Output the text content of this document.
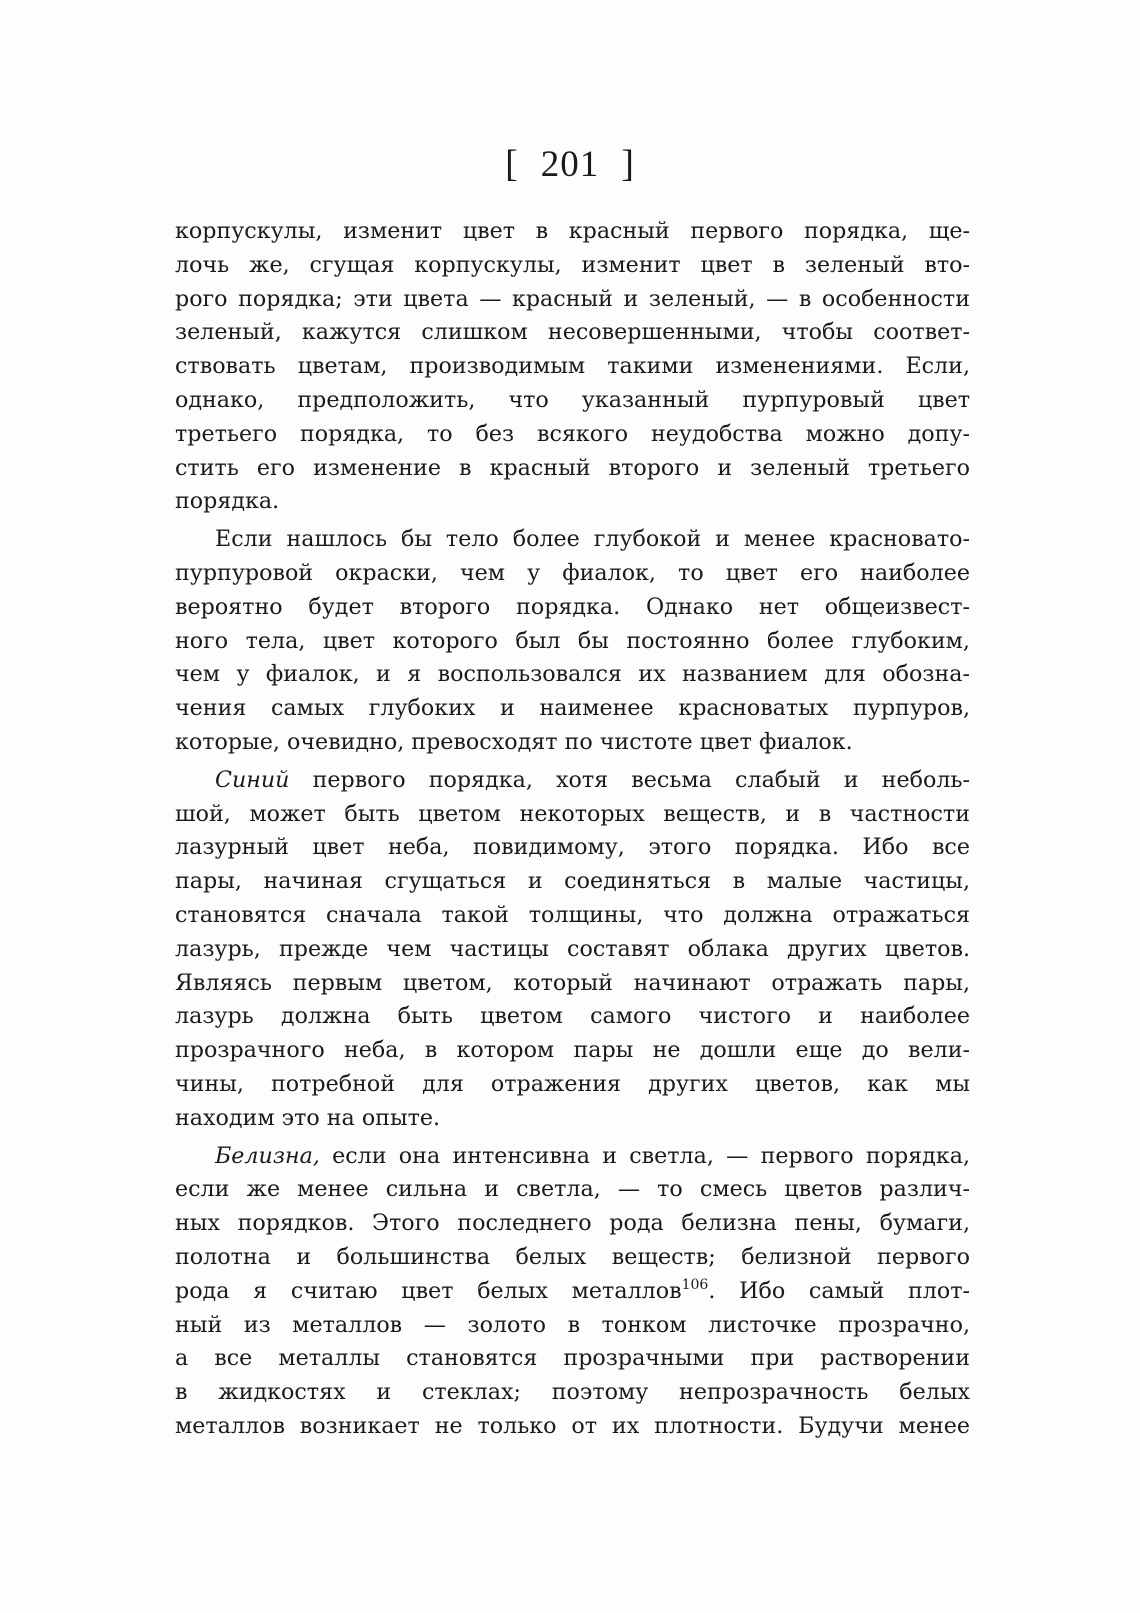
[ 201 ]
корпускулы, изменит цвет в красный первого порядка, ще-
лочь же, сгущая корпускулы, изменит цвет в зеленый вто-
рого порядка; эти цвета — красный и зеленый, — в особенности
зеленый, кажутся слишком несовершенными, чтобы соответ-
ствовать цветам, производимым такими изменениями. Если,
однако, предположить, что указанный пурпуровый цвет
третьего порядка, то без всякого неудобства можно допу-
стить его изменение в красный второго и зеленый третьего
порядка.
Если нашлось бы тело более глубокой и менее красновато-
пурпуровой окраски, чем у фиалок, то цвет его наиболее
вероятно будет второго порядка. Однако нет общеизвест-
ного тела, цвет которого был бы постоянно более глубоким,
чем у фиалок, и я воспользовался их названием для обозна-
чения самых глубоких и наименее красноватых пурпуров,
которые, очевидно, превосходят по чистоте цвет фиалок.
Синий первого порядка, хотя весьма слабый и неболь-
шой, может быть цветом некоторых веществ, и в частности
лазурный цвет неба, повидимому, этого порядка. Ибо все
пары, начиная сгущаться и соединяться в малые частицы,
становятся сначала такой толщины, что должна отражаться
лазурь, прежде чем частицы составят облака других цветов.
Являясь первым цветом, который начинают отражать пары,
лазурь должна быть цветом самого чистого и наиболее
прозрачного неба, в котором пары не дошли еще до вели-
чины, потребной для отражения других цветов, как мы
находим это на опыте.
Белизна, если она интенсивна и светла, — первого порядка,
если же менее сильна и светла, — то смесь цветов различ-
ных порядков. Этого последнего рода белизна пены, бумаги,
полотна и большинства белых веществ; белизной первого
рода я считаю цвет белых металлов$^{106}$. Ибо самый плот-
ный из металлов — золото в тонком листочке прозрачно,
а все металлы становятся прозрачными при растворении
в жидкостях и стеклах; поэтому непрозрачность белых
металлов возникает не только от их плотности. Будучи менее
